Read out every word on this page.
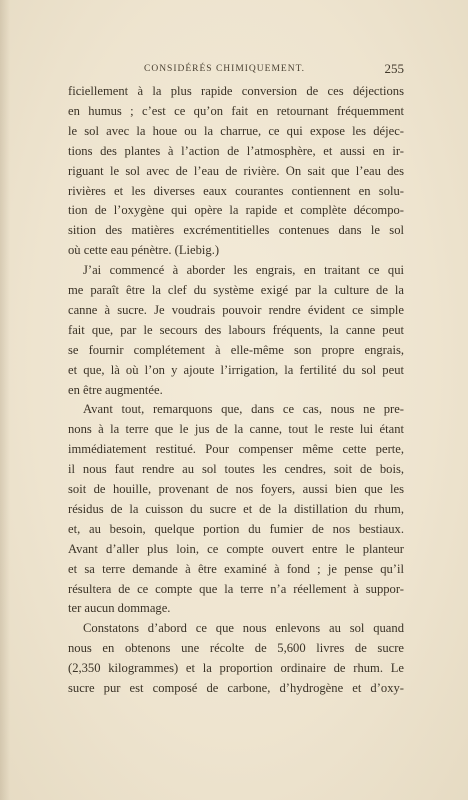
CONSIDÉRÉS CHIMIQUEMENT.	255
ficiellement à la plus rapide conversion de ces déjections
en humus ; c’est ce qu’on fait en retournant fréquemment
le sol avec la houe ou la charrue, ce qui expose les déjec-
tions des plantes à l’action de l’atmosphère, et aussi en ir-
riguant le sol avec de l’eau de rivière. On sait que l’eau des
rivières et les diverses eaux courantes contiennent en solu-
tion de l’oxygène qui opère la rapide et complète décompo-
sition des matières excrémentitielles contenues dans le sol
où cette eau pénètre. (Liebig.)
J’ai commencé à aborder les engrais, en traitant ce qui
me paraît être la clef du système exigé par la culture de la
canne à sucre. Je voudrais pouvoir rendre évident ce simple
fait que, par le secours des labours fréquents, la canne peut
se fournir complétement à elle-même son propre engrais,
et que, là où l’on y ajoute l’irrigation, la fertilité du sol peut
en être augmentée.
Avant tout, remarquons que, dans ce cas, nous ne pre-
nons à la terre que le jus de la canne, tout le reste lui étant
immédiatement restitué. Pour compenser même cette perte,
il nous faut rendre au sol toutes les cendres, soit de bois,
soit de houille, provenant de nos foyers, aussi bien que les
résidus de la cuisson du sucre et de la distillation du rhum,
et, au besoin, quelque portion du fumier de nos bestiaux.
Avant d’aller plus loin, ce compte ouvert entre le planteur
et sa terre demande à être examiné à fond ; je pense qu’il
résultera de ce compte que la terre n’a réellement à suppor-
ter aucun dommage.
Constatons d’abord ce que nous enlevons au sol quand
nous en obtenons une récolte de 5,600 livres de sucre
(2,350 kilogrammes) et la proportion ordinaire de rhum. Le
sucre pur est composé de carbone, d’hydrogène et d’oxy-
